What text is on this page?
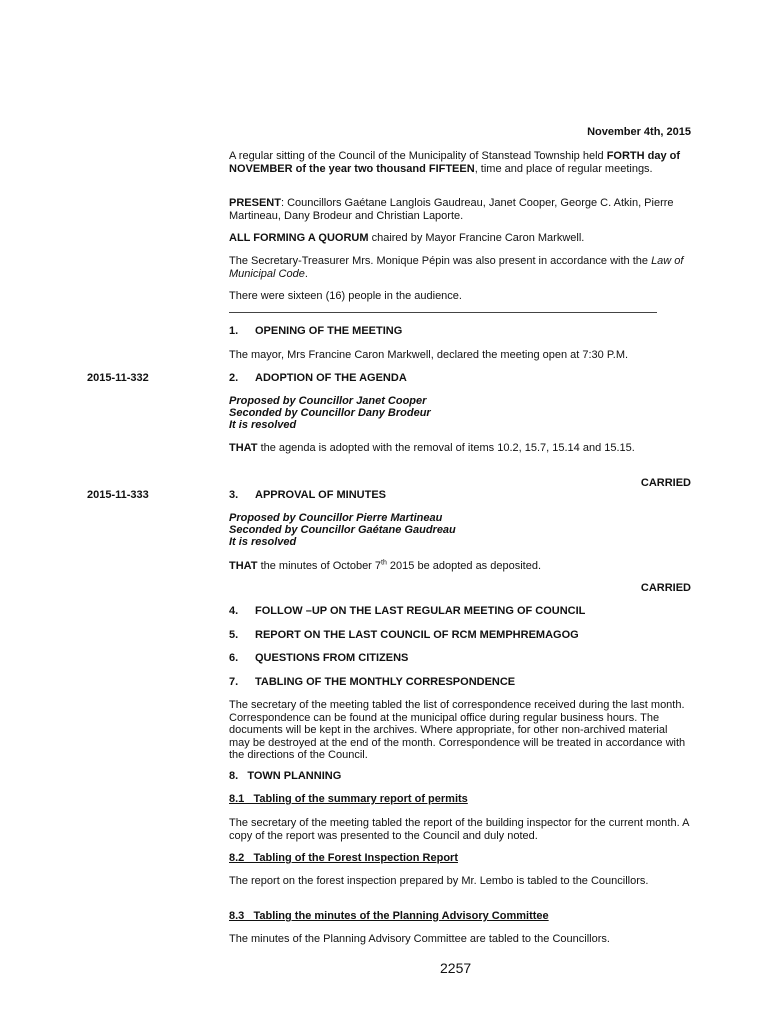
November 4th, 2015
A regular sitting of the Council of the Municipality of Stanstead Township held FORTH day of NOVEMBER of the year two thousand FIFTEEN, time and place of regular meetings.
PRESENT: Councillors Gaétane Langlois Gaudreau, Janet Cooper, George C. Atkin, Pierre Martineau, Dany Brodeur and Christian Laporte.
ALL FORMING A QUORUM chaired by Mayor Francine Caron Markwell.
The Secretary-Treasurer Mrs. Monique Pépin was also present in accordance with the Law of Municipal Code.
There were sixteen (16) people in the audience.
1. OPENING OF THE MEETING
The mayor, Mrs Francine Caron Markwell, declared the meeting open at 7:30 P.M.
2015-11-332	2. ADOPTION OF THE AGENDA
Proposed by Councillor Janet Cooper
Seconded by Councillor Dany Brodeur
It is resolved
THAT the agenda is adopted with the removal of items 10.2, 15.7, 15.14 and 15.15.
CARRIED
2015-11-333	3. APPROVAL OF MINUTES
Proposed by Councillor Pierre Martineau
Seconded by Councillor Gaétane Gaudreau
It is resolved
THAT the minutes of October 7th 2015 be adopted as deposited.
CARRIED
4. FOLLOW –UP ON THE LAST REGULAR MEETING OF COUNCIL
5. REPORT ON THE LAST COUNCIL OF RCM MEMPHREMAGOG
6. QUESTIONS FROM CITIZENS
7. TABLING OF THE MONTHLY CORRESPONDENCE
The secretary of the meeting tabled the list of correspondence received during the last month. Correspondence can be found at the municipal office during regular business hours. The documents will be kept in the archives. Where appropriate, for other non-archived material may be destroyed at the end of the month. Correspondence will be treated in accordance with the directions of the Council.
8.   TOWN PLANNING
8.1   Tabling of the summary report of permits
The secretary of the meeting tabled the report of the building inspector for the current month. A copy of the report was presented to the Council and duly noted.
8.2   Tabling of the Forest Inspection Report
The report on the forest inspection prepared by Mr. Lembo is tabled to the Councillors.
8.3   Tabling the minutes of the Planning Advisory Committee
The minutes of the Planning Advisory Committee are tabled to the Councillors.
2257
